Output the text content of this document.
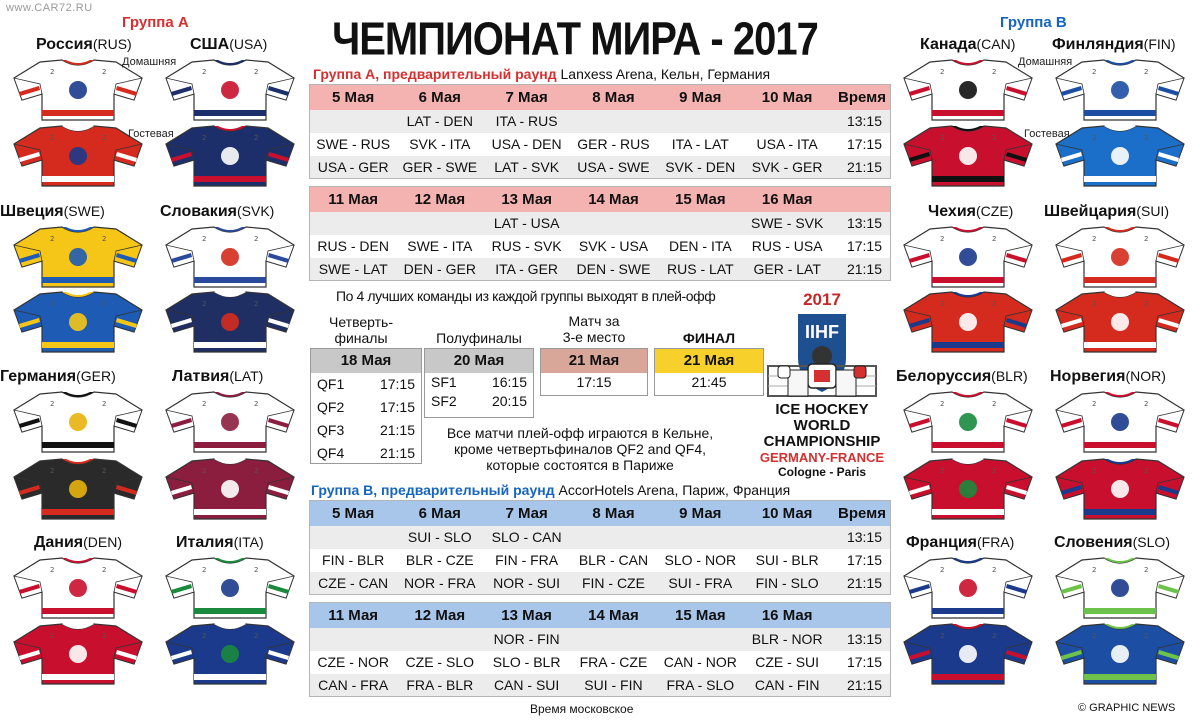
www.CAR72.RU
ЧЕМПИОНАТ МИРА - 2017
Группа А	Группа В
Россия(RUS)
2	2
2	2
США(USA)
2	2
2	2
Швеция(SWE)
2	2
2	2
Словакия(SVK)
2	2
2	2
Германия(GER)
2	2
2	2
Латвия(LAT)
2	2
2	2
Дания(DEN)
2	2
2	2
Италия(ITA)
2	2
2	2
Канада(CAN)
2	2
2	2
Финляндия(FIN)
2	2
2	2
Чехия(CZE)
2	2
2	2
Швейцария(SUI)
2	2
2	2
Белоруссия(BLR)
2	2
2	2
Норвегия(NOR)
2	2
2	2
Франция(FRA)
2	2
2	2
Словения(SLO)
2	2
2	2
Домашняя
Гостевая
Домашняя
Гостевая
Группа А, предварительный раунд Lanxess Arena, Кельн, Германия
5 Мая	6 Мая	7 Мая	8 Мая	9 Мая	10 Мая	Время
	LAT - DEN	ITA - RUS				13:15
SWE - RUS	SVK - ITA	USA - DEN	GER - RUS	ITA - LAT	USA - ITA	17:15
USA - GER	GER - SWE	LAT - SVK	USA - SWE	SVK - DEN	SVK - GER	21:15
11 Мая	12 Мая	13 Мая	14 Мая	15 Мая	16 Мая	
		LAT - USA			SWE - SVK	13:15
RUS - DEN	SWE - ITA	RUS - SVK	SVK - USA	DEN - ITA	RUS - USA	17:15
SWE - LAT	DEN - GER	ITA - GER	DEN - SWE	RUS - LAT	GER - LAT	21:15
По 4 лучших команды из каждой группы выходят в плей-офф
Четверть-
финалы	Полуфиналы
Матч за
3-е место	ФИНАЛ
18 Мая
QF1	17:15
QF2	17:15
QF3	21:15
QF4	21:15
20 Мая
SF1	16:15
SF2	20:15
21 Мая
17:15
21 Мая
21:45
Все матчи плей-офф играются в Кельне, кроме четвертьфиналов QF2 and QF4, которые состоятся в Париже
2017
IIHF
ICE HOCKEY
WORLD
CHAMPIONSHIP
GERMANY-FRANCE
Cologne - Paris
Группа В, предварительный раунд AccorHotels Arena, Париж, Франция
5 Мая	6 Мая	7 Мая	8 Мая	9 Мая	10 Мая	Время
	SUI - SLO	SLO - CAN				13:15
FIN - BLR	BLR - CZE	FIN - FRA	BLR - CAN	SLO - NOR	SUI - BLR	17:15
CZE - CAN	NOR - FRA	NOR - SUI	FIN - CZE	SUI - FRA	FIN - SLO	21:15
11 Мая	12 Мая	13 Мая	14 Мая	15 Мая	16 Мая	
		NOR - FIN			BLR - NOR	13:15
CZE - NOR	CZE - SLO	SLO - BLR	FRA - CZE	CAN - NOR	CZE - SUI	17:15
CAN - FRA	FRA - BLR	CAN - SUI	SUI - FIN	FRA - SLO	CAN - FIN	21:15
Время московское	© GRAPHIC NEWS
